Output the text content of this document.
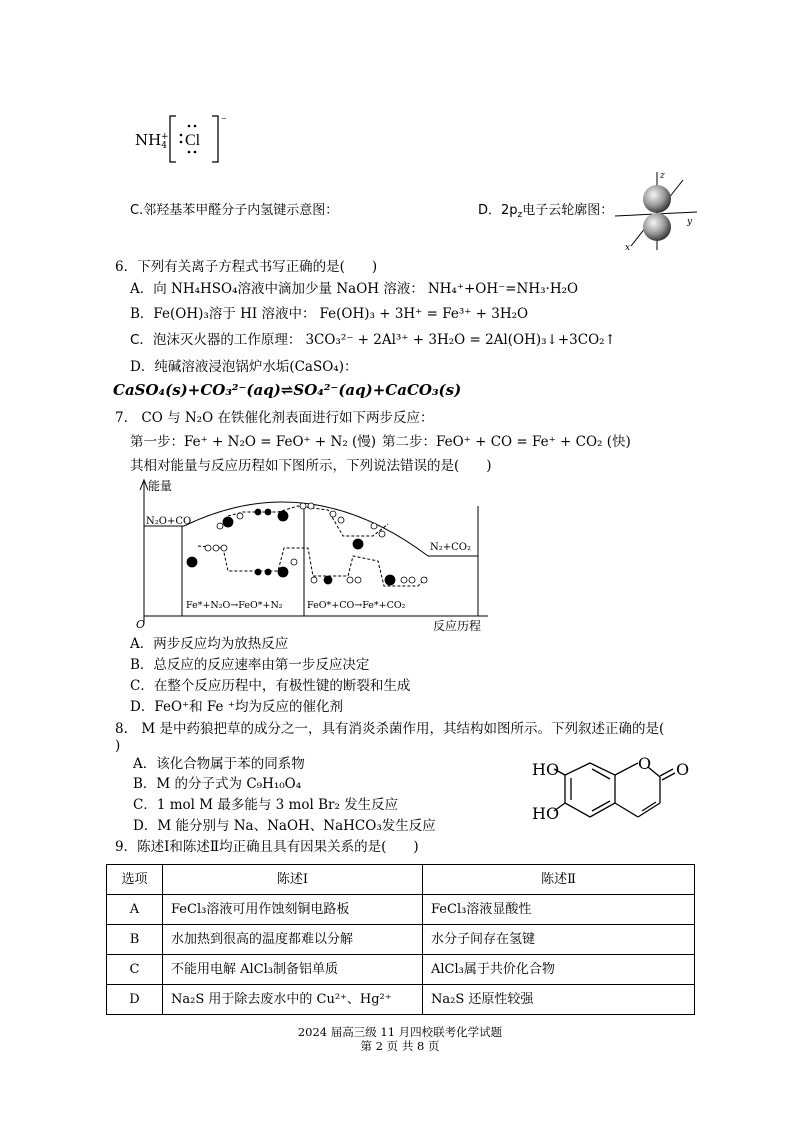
$NH_4^+$	Cl
−
C.邻羟基苯甲醛分子内氢键示意图：	D．$2p_z$电子云轮廓图：
z
y
x
6．下列有关离子方程式书写正确的是(　　)
A．向 NH₄HSO₄溶液中滴加少量 NaOH 溶液： NH₄⁺+OH⁻=NH₃·H₂O
B．Fe(OH)₃溶于 HI 溶液中： Fe(OH)₃ + 3H⁺ = Fe³⁺ + 3H₂O
C．泡沫灭火器的工作原理： 3CO₃²⁻ + 2Al³⁺ + 3H₂O = 2Al(OH)₃↓+3CO₂↑
D．纯碱溶液浸泡锅炉水垢(CaSO₄)：
CaSO₄(s)+CO₃²⁻(aq)⇌SO₄²⁻(aq)+CaCO₃(s)
7.　CO 与 N₂O 在铁催化剂表面进行如下两步反应：
第一步：Fe⁺ + N₂O = FeO⁺ + N₂ (慢) 第二步：FeO⁺ + CO = Fe⁺ + CO₂ (快)
其相对能量与反应历程如下图所示，下列说法错误的是(　　)
能量
N₂O+CO
N₂+CO₂
Fe*+N₂O→FeO*+N₂	FeO*+CO→Fe*+CO₂
O	反应历程
A．两步反应均为放热反应
B．总反应的反应速率由第一步反应决定
C．在整个反应历程中，有极性键的断裂和生成
D．FeO⁺和 Fe ⁺均为反应的催化剂
8.　M 是中药狼把草的成分之一，具有消炎杀菌作用，其结构如图所示。下列叙述正确的是(
)
A．该化合物属于苯的同系物
B．M 的分子式为 C₉H₁₀O₄
C．1 mol M 最多能与 3 mol Br₂ 发生反应
D．M 能分别与 Na、NaOH、NaHCO₃发生反应
O O
HO
HO
9．陈述Ⅰ和陈述Ⅱ均正确且具有因果关系的是(　　)
选项	陈述Ⅰ	陈述Ⅱ
A	FeCl₃溶液可用作蚀刻铜电路板	FeCl₃溶液显酸性
B	水加热到很高的温度都难以分解	水分子间存在氢键
C	不能用电解 AlCl₃制备铝单质	AlCl₃属于共价化合物
D	Na₂S 用于除去废水中的 Cu²⁺、Hg²⁺	Na₂S 还原性较强
2024 届高三级 11 月四校联考化学试题
第 2 页 共 8 页
